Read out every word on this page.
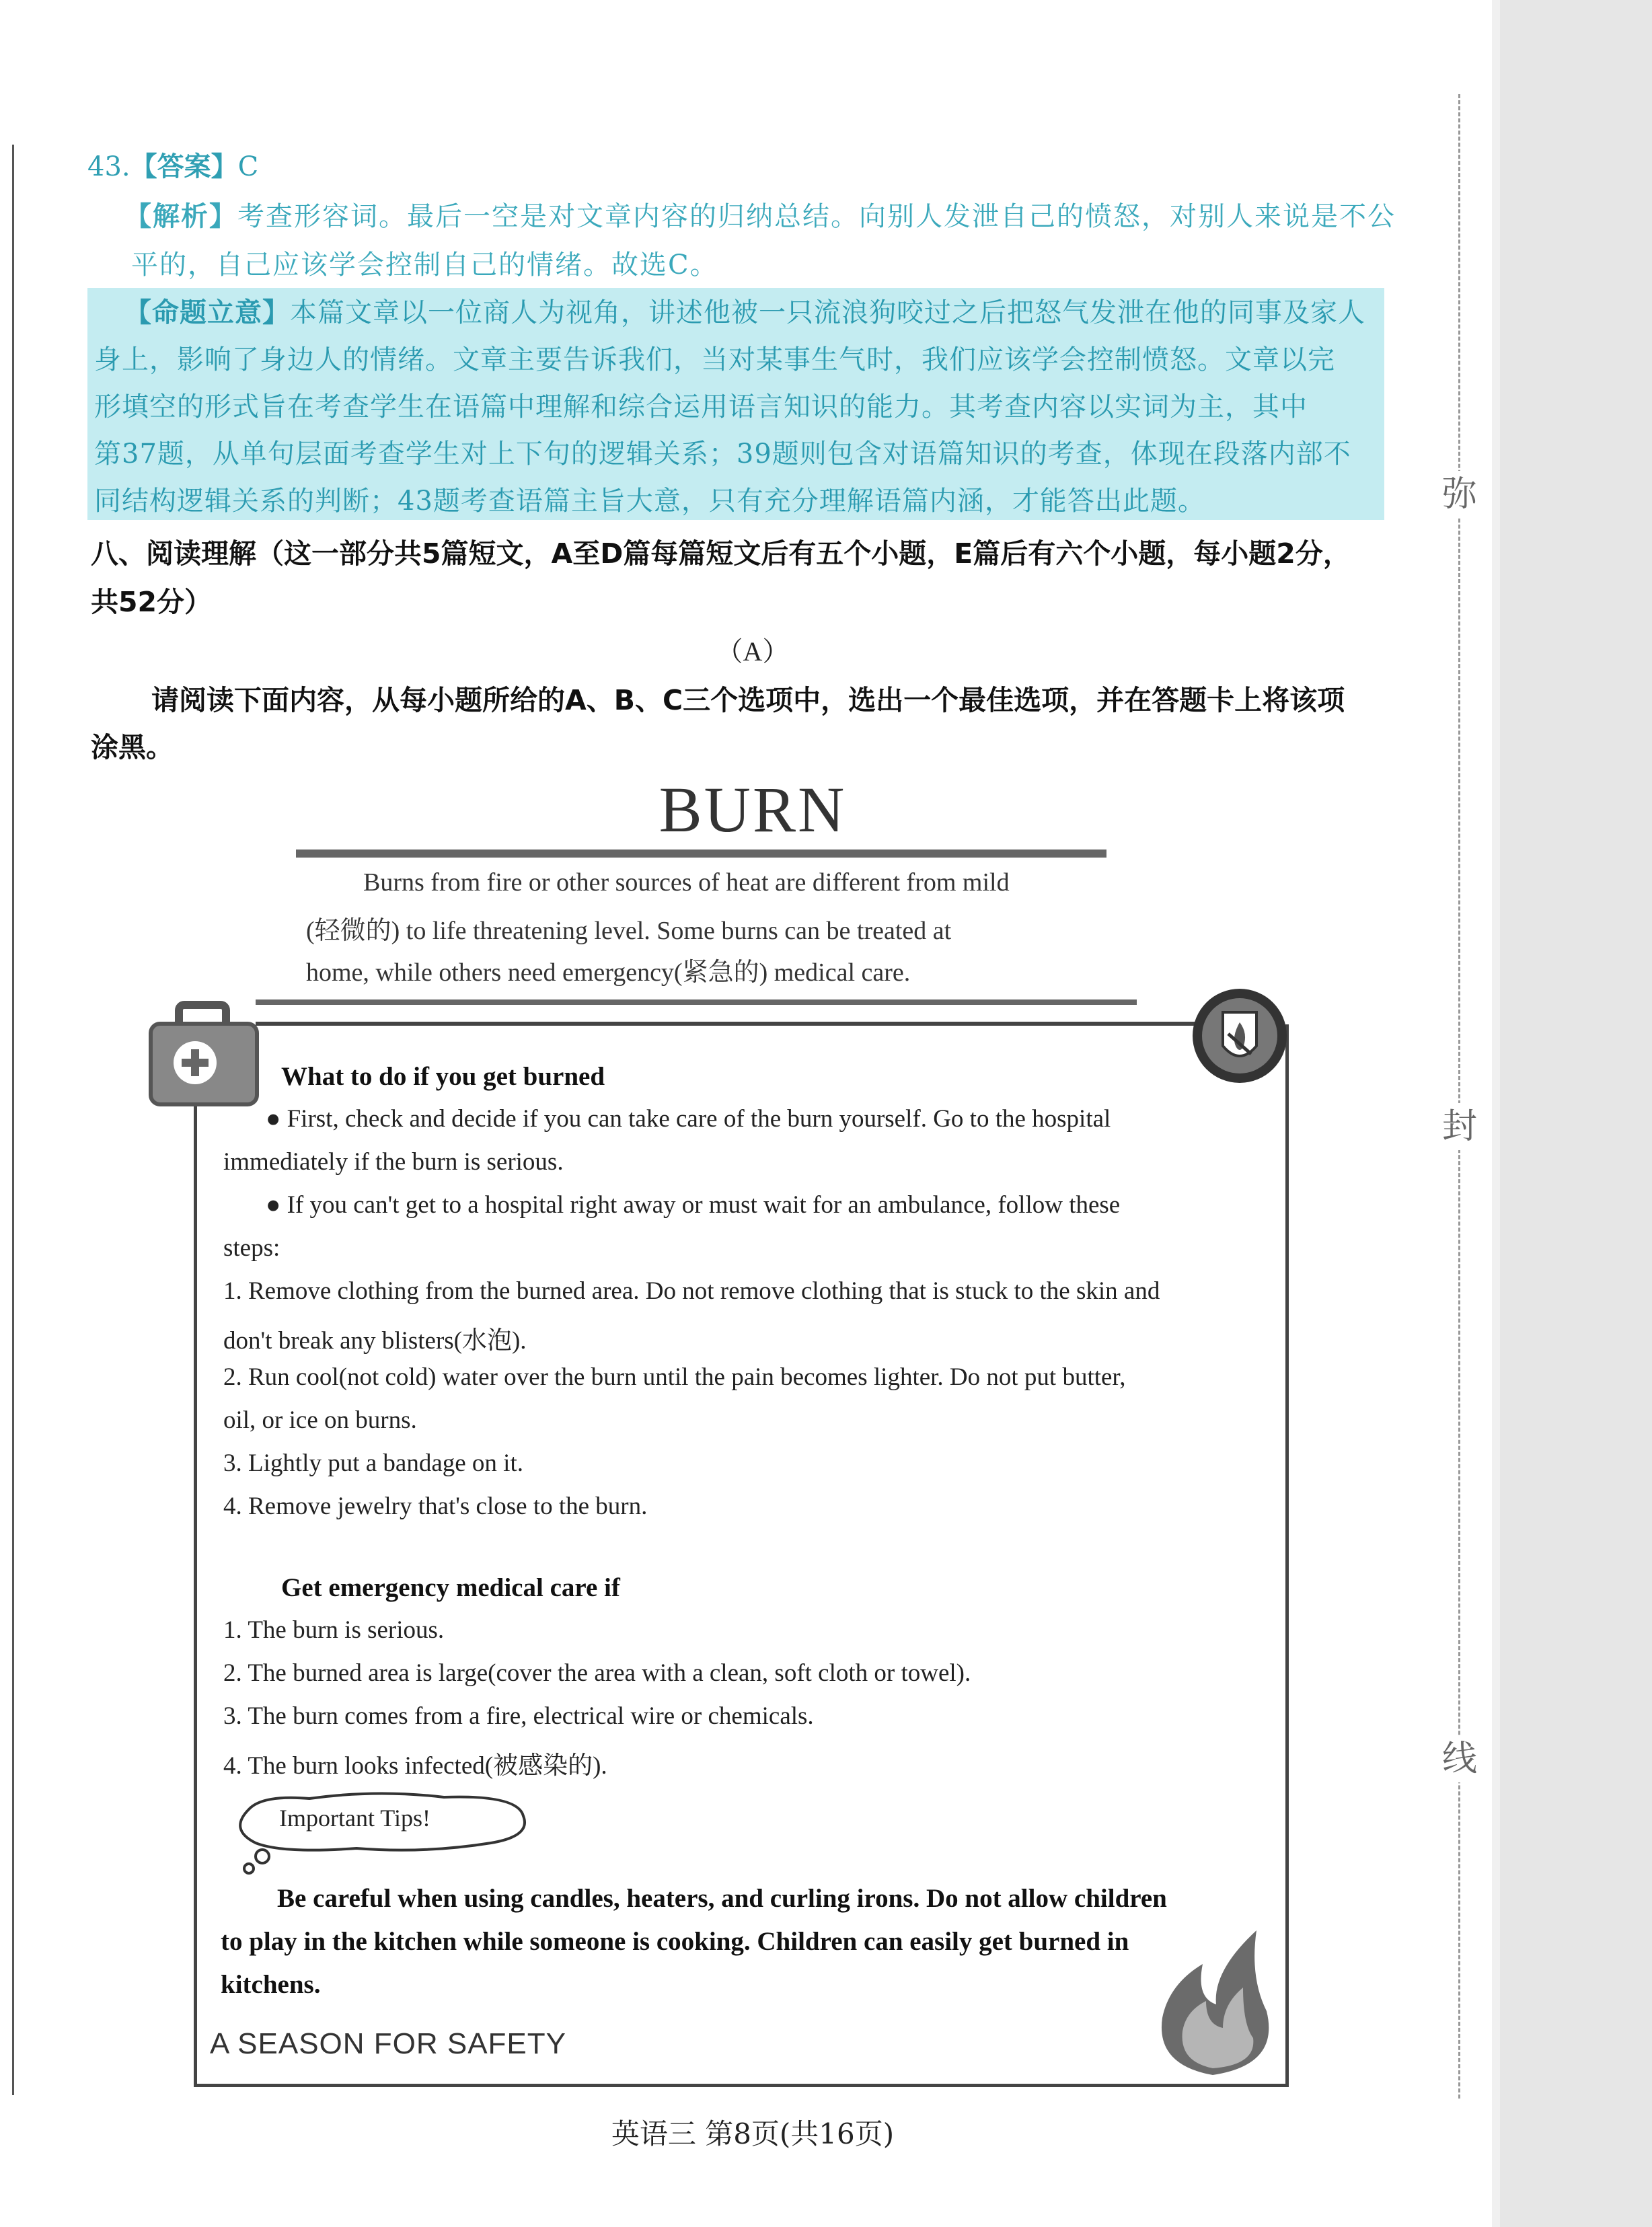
弥
封
线
43.【答案】C
【解析】考查形容词。最后一空是对文章内容的归纳总结。向别人发泄自己的愤怒，对别人来说是不公
平的，自己应该学会控制自己的情绪。故选C。
【命题立意】本篇文章以一位商人为视角，讲述他被一只流浪狗咬过之后把怒气发泄在他的同事及家人
身上，影响了身边人的情绪。文章主要告诉我们，当对某事生气时，我们应该学会控制愤怒。文章以完
形填空的形式旨在考查学生在语篇中理解和综合运用语言知识的能力。其考查内容以实词为主，其中
第37题，从单句层面考查学生对上下句的逻辑关系；39题则包含对语篇知识的考查，体现在段落内部不
同结构逻辑关系的判断；43题考查语篇主旨大意，只有充分理解语篇内涵，才能答出此题。
八、阅读理解（这一部分共5篇短文，A至D篇每篇短文后有五个小题，E篇后有六个小题，每小题2分，
共52分）
（A）
请阅读下面内容，从每小题所给的A、B、C三个选项中，选出一个最佳选项，并在答题卡上将该项
涂黑。
BURN
Burns from fire or other sources of heat are different from mild
(轻微的) to life threatening level. Some burns can be treated at
home, while others need emergency(紧急的) medical care.
What to do if you get burned
● First, check and decide if you can take care of the burn yourself. Go to the hospital
immediately if the burn is serious.
● If you can't get to a hospital right away or must wait for an ambulance, follow these
steps:
1. Remove clothing from the burned area. Do not remove clothing that is stuck to the skin and
don't break any blisters(水泡).
2. Run cool(not cold) water over the burn until the pain becomes lighter. Do not put butter,
oil, or ice on burns.
3. Lightly put a bandage on it.
4. Remove jewelry that's close to the burn.
Get emergency medical care if
1. The burn is serious.
2. The burned area is large(cover the area with a clean, soft cloth or towel).
3. The burn comes from a fire, electrical wire or chemicals.
4. The burn looks infected(被感染的).
Important Tips!
Be careful when using candles, heaters, and curling irons. Do not allow children
to play in the kitchen while someone is cooking. Children can easily get burned in
kitchens.
A SEASON FOR SAFETY
英语三 第8页(共16页)
